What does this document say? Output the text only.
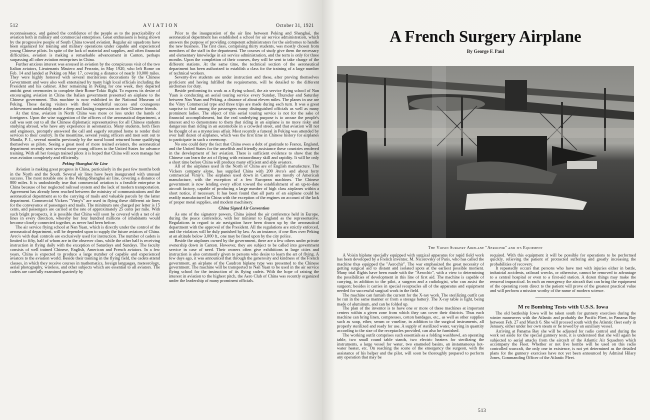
512	AVIATION	October 31, 1921

reconnaissance, and gained the confidence of the people as to the practicability of aviation both in military and commercial enterprises. Great enthusiasm is being shown by the progressive people of South China toward aviation. Regular air squadrons have been organized for training and military operations under capable and experienced young Chinese pilots. In spite of the lack of material and supplies, and often financial difficulties, aviation is making a remarkable advancement in Canton, perhaps surpassing all other aviation enterprises in China.

Further anxious interest was aroused in aviation by the conspicuous visit of the two Italian aviators, Lieutenants Masiero and Ferrarin, in May 1920, who left Rome on Feb. 14 and landed at Peking on May 17, covering a distance of nearly 10,000 miles. They were highly honored with several meritorious decorations by the Chinese Government and were also well entertained by many high local officials including the President and his cabinet. After remaining in Peking for one week, they departed amidst great ceremonies to complete their Rome-Tokio flight. To express its desire of encouraging aviation in China the Italian government presented an airplane to the Chinese government. This machine is now exhibited in the National Museum of Peking. These daring visitors with their wonderful success and courageous achievement undeniably made a deep and lasting impression on their Chinese friends.

At that time, aviation in North China was more or less under the hands of foreigners. Upon the wise suggestion of the officers of the aeronautical department, a call was sent out to all the Chinese diplomatic representatives for all Chinese students studying abroad, who have any experience in aeronautics. Many students, both fliers and engineers, promptly answered the call and eagerly returned home to render their services to their country. In the meantime, several young officers and men sent out to Manila, P. I., several months previously by the naval board returned home qualifying themselves as pilots. Seeing a great need of more trained aviators, the aeronautical department recently sent several more young officers to the United States for advance training. With all her foreign trained pilots it is hoped that China will soon manage her own aviation completely and efficiently.

Peking-Shanghai Air Line

Aviation is making great progress in China, particularly in the past few months both in the North and the South. Several air lines have been inaugurated with unusual success. The most notable one is the Peking-Shanghai air line, covering a distance of 800 miles. It is undoubtedly true that commercial aviation is a feasible enterprise in China because of her neglected railroad system and the lack of modern transportation. Agreement has already been reached between the ministry of communications and the aeronautical department as to the carrying of mails and valuable parcels by the latter department. Commercial Vickers "Vimy's" are used in flying these different air lines for the conveyance of passengers and mails. The minimum rate charged per letter is 15 cents, and passengers are carried at the rate of approximately 25 cents per mile. With such bright prospects, it is possible that China will soon be covered with a net of air lines in every direction, whereby her four hundred millions of inhabitants would become closely connected together, as never had been before.

The air service flying school at Nan Yuan, which is directly under the control of the aeronautical department, will be depended upon to supply the future aviators of China. Avro's with dual controls are exclusively used for instruction. The number of cadets is limited to fifty, half of whom are in the observer class, while the other half is receiving instruction in flying daily with the exception of Saturdays and Sundays. The faculty consists of well trained Chinese, English, American and French aviators. In a few years, China is expected to produce a large number of capable and experienced aviators to the aviation world. Beside their training in the flying field, the cadets attend classes, in which they receive courses in mathematics, foreign languages, meteorology, aerial photography, wireless, and other subjects which are essential to all aviators. The cadets are carefully examined quarterly by

Prior to the inauguration of the air line between Peking and Shanghai, the aeronautical department has established a school for air service administration, which answers the purpose of providing competent administrators for the airdromes to handle the new business. The first class, comprising thirty students, was mostly chosen from members of the staff in the department. The courses of study give them the necessary and elementary knowledge in air service administration, and the term is only for three months. Upon the completion of their courses, they will be sent to take charge of the different stations. At the same time, the technical section of the aeronautical department has been authorized to establish a class for the training of a large number of technical workers.

Seventy-five students are under instruction and these, after proving themselves proficient and having fulfilled the requirements, will be detailed to the different airdromes for duty.

Beside performing its work as a flying school, the air service flying school of Nan Yuan is conducting an aerial touring service every Sunday, Thursday and Saturday between Nan Yuan and Peking, a distance of about eleven miles. The planes in use are the Vimy Commercial type and three trips are made during each turn. It was a great surprise to find among the passengers many distinguished officials as well as many prominent ladies. The object of this aerial touring service is not for the sake of financial accomplishment, but the real underlying purpose is to arouse the people's interest and to demonstrate to them that riding in an airplane is no more risky and dangerous than riding in an automobile in a crowded street, and that aviation will not be thought of as a mysterious affair. Most recently a funeral in Peking was attended by over half dozen of airplanes, which was the first time in Chinese history for airplanes to participate in such a ceremony.

No one could deny the fact that China owes a debt of gratitude to France, England, and the United States for the unselfish and friendly assistance these countries rendered in the development of her aviation. There is sufficient evidence to show that the Chinese can learn the art of flying with extraordinary skill and rapidity. It will be only a short time before China will produce many efficient and able aviators.

All of the airplanes used in the North of China are of English manufacture. The Vickers company alone, has supplied China with 200 Avro's and about forty commercial Vimy's. The airplanes used down in Canton are mostly of American manufacture, with the exception of a few European machines. The Chinese government is now lending every effort toward the establishment of an up-to-date aircraft factory, capable of producing a large number of high class airplanes within a short notice, if necessary. It has been found that all parts of an airplane could be readily manufactured in China with the exception of the engines on account of the lack of proper metal supplies, and modern machinery.

China Signed Air Convention

As one of the signatory powers, China joined the air conference held in Europe, during the peace conference, with her minister to England as the representative. Regulations in regard to air navigation have been drawn up by the aeronautical department with the approval of the President. All the regulations are strictly enforced, and the violators will be duly punished by law. As an instance, if one flies over Peking at an altitude below 3,000 ft., one may be fined upon by the city police.

Beside the airplanes owned by the government, there are a few others under private ownership down in Canton. However, they are subject to be called into government service in case of need. Their owners often give exhibitions in large cities and instruction is also commonly given to persons who desire to learn the art of flying. A few days ago, it was announced that through the generosity and kindness of the French government, an airplane of the Caudron biplane type was presented to the Chinese government. The machine will be transported to Nan Yuan to be used in the air service flying school for the instruction of its flying cadets. With the hope of raising the interest in aviation to the highest pitch, the Aero Club of China was recently organized under the leadership of many prominent officials.

A French Surgery Airplane
By George F. Paul
The Voisin Surgery Airplane "Aerochir" and its Equipment

A Voisin biplane specially equipped with surgical apparatus for rapid field work has been developed by a French inventor, M. Nicorovsky of Paris, who has called the machine thus equipped the "Aerochir". The war emphasized the great necessity of getting surgical aid to distant and isolated spots at the earliest possible moment. Many trial flights have been made with the "Aerochir", with a view to determining the possibilities of development in this line of first aid. The machine is capable of carrying, in addition to the pilot, a surgeon and a radiologist, who can assist the surgeon; besides it carries in special receptacles all of the apparatus and equipment needed for successful surgical work in the field.

The machine can furnish the current for the X-ray work. The sterilizing outfit can be run in the same manner or from a storage battery. The X-ray table is light, being made of aluminum, and can be folded up.

The plan of the inventor is to have one or more of these machines at important centers within a given zone from which they can cover their districts. Thus each machine can bring linen, compresses, cotton bandages, etc., as well as other supplies such as soap, ether, serum or vaseline, in addition to the surgical instruments, all properly sterilized and ready for use. A supply of sterilized water, varying in quantity according to the size of the receptacles provided, can also be furnished.

The working outfit comprises such essentials as a folding washbowl, an operating table, two small round table stands, two electric heaters for sterilizing the instruments, a large vessel for water, two enameled basins, an instantaneous hot-water heater, etc. On reaching the scene of the emergency the surgeon, with the assistance of his helper and the pilot, will soon be thoroughly prepared to perform any operation that may be

required. With this equipment it will be possible for operations to be performed quickly, relieving the patient of protracted suffering and greatly increasing the probabilities of recovery.

It repeatedly occurs that persons who have met with injuries either in battle, industrial accidents, railroad wrecks, or otherwise, cannot be removed to advantage to a central hospital or even to a first-aid station. A dozen things may make the removal impractical. In each an emergency the aircraft that can bring the equipment of the operating room direct to the patient will prove of the greatest practical value and will perform a mission worthy of the name of modern science.

M re Bombing Tests with U.S.S. Iowa

The old battleship Iowa will be taken south for gunnery exercises during the winter maneuvers with the Atlantic and probably the Pacific Fleet, in Panama Bay between Feb. 27 and March 6. She will proceed south with the Atlantic fleet early in January, either under her own steam or be towed by an auxiliary vessel.

Arriving at Panama Bay she will be adjusted for radio control and during the work set aside for the special gunnery tests, it is understood that she will again be subjected to aerial attacks from the aircraft of the Atlantic Air Squadron which accompany the Fleet. Whether or not live bombs will be used on this radio controlled warcraft, the only one in existence, is not yet determined as the detailed plans for the gunnery exercises have not yet been announced by Admiral Hilary Jones, Commanding Officer of the Atlantic Fleet.

513
